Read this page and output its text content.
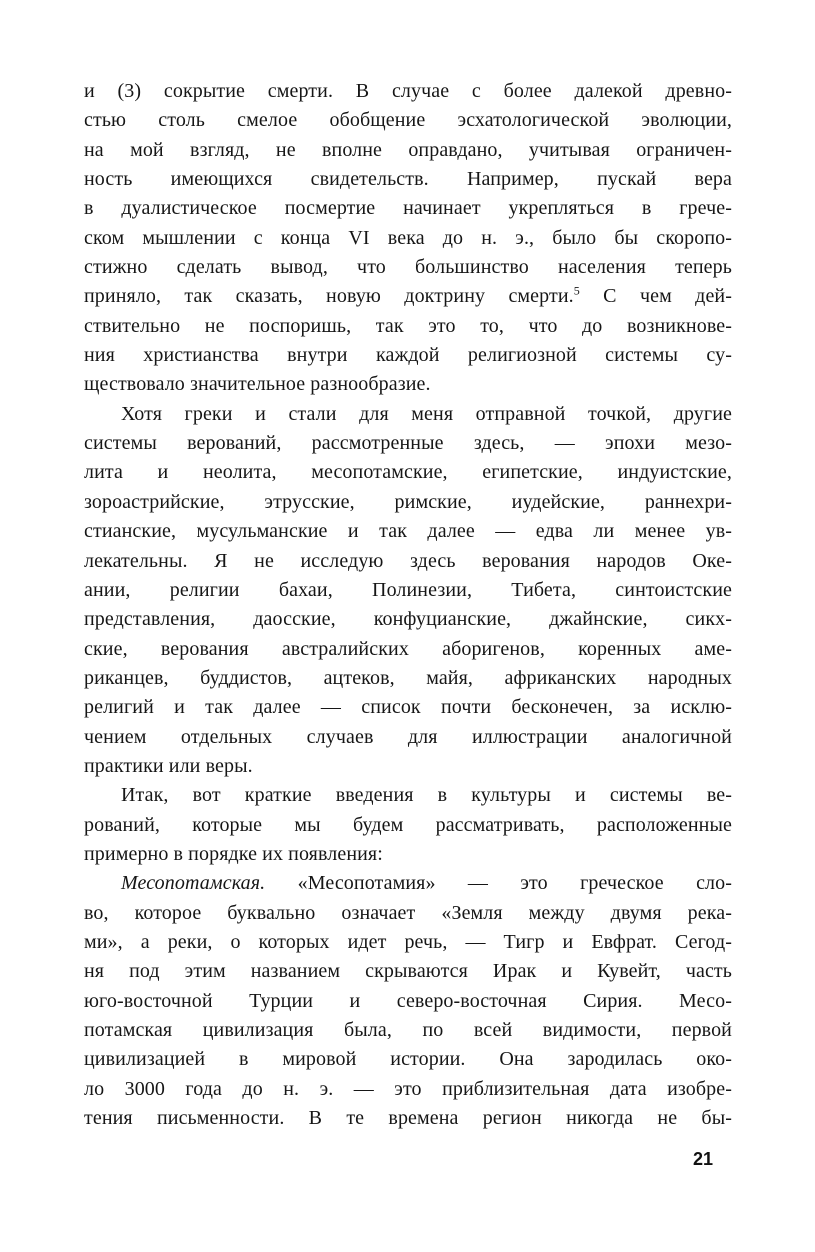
и (3) сокрытие смерти. В случае с более далекой древно-
стью столь смелое обобщение эсхатологической эволюции,
на мой взгляд, не вполне оправдано, учитывая ограничен-
ность имеющихся свидетельств. Например, пускай вера
в дуалистическое посмертие начинает укрепляться в грече-
ском мышлении с конца VI века до н. э., было бы скоропо-
стижно сделать вывод, что большинство населения теперь
приняло, так сказать, новую доктрину смерти.$^5$ С чем дей-
ствительно не поспоришь, так это то, что до возникнове-
ния христианства внутри каждой религиозной системы су-
ществовало значительное разнообразие.
Хотя греки и стали для меня отправной точкой, другие
системы верований, рассмотренные здесь, — эпохи мезо-
лита и неолита, месопотамские, египетские, индуистские,
зороастрийские, этрусские, римские, иудейские, раннехри-
стианские, мусульманские и так далее — едва ли менее ув-
лекательны. Я не исследую здесь верования народов Оке-
ании, религии бахаи, Полинезии, Тибета, синтоистские
представления, даосские, конфуцианские, джайнские, сикх-
ские, верования австралийских аборигенов, коренных аме-
риканцев, буддистов, ацтеков, майя, африканских народных
религий и так далее — список почти бесконечен, за исклю-
чением отдельных случаев для иллюстрации аналогичной
практики или веры.
Итак, вот краткие введения в культуры и системы ве-
рований, которые мы будем рассматривать, расположенные
примерно в порядке их появления:
Месопотамская. «Месопотамия» — это греческое сло-
во, которое буквально означает «Земля между двумя река-
ми», а реки, о которых идет речь, — Тигр и Евфрат. Сегод-
ня под этим названием скрываются Ирак и Кувейт, часть
юго-восточной Турции и северо-восточная Сирия. Месо-
потамская цивилизация была, по всей видимости, первой
цивилизацией в мировой истории. Она зародилась око-
ло 3000 года до н. э. — это приблизительная дата изобре-
тения письменности. В те времена регион никогда не бы-
21
